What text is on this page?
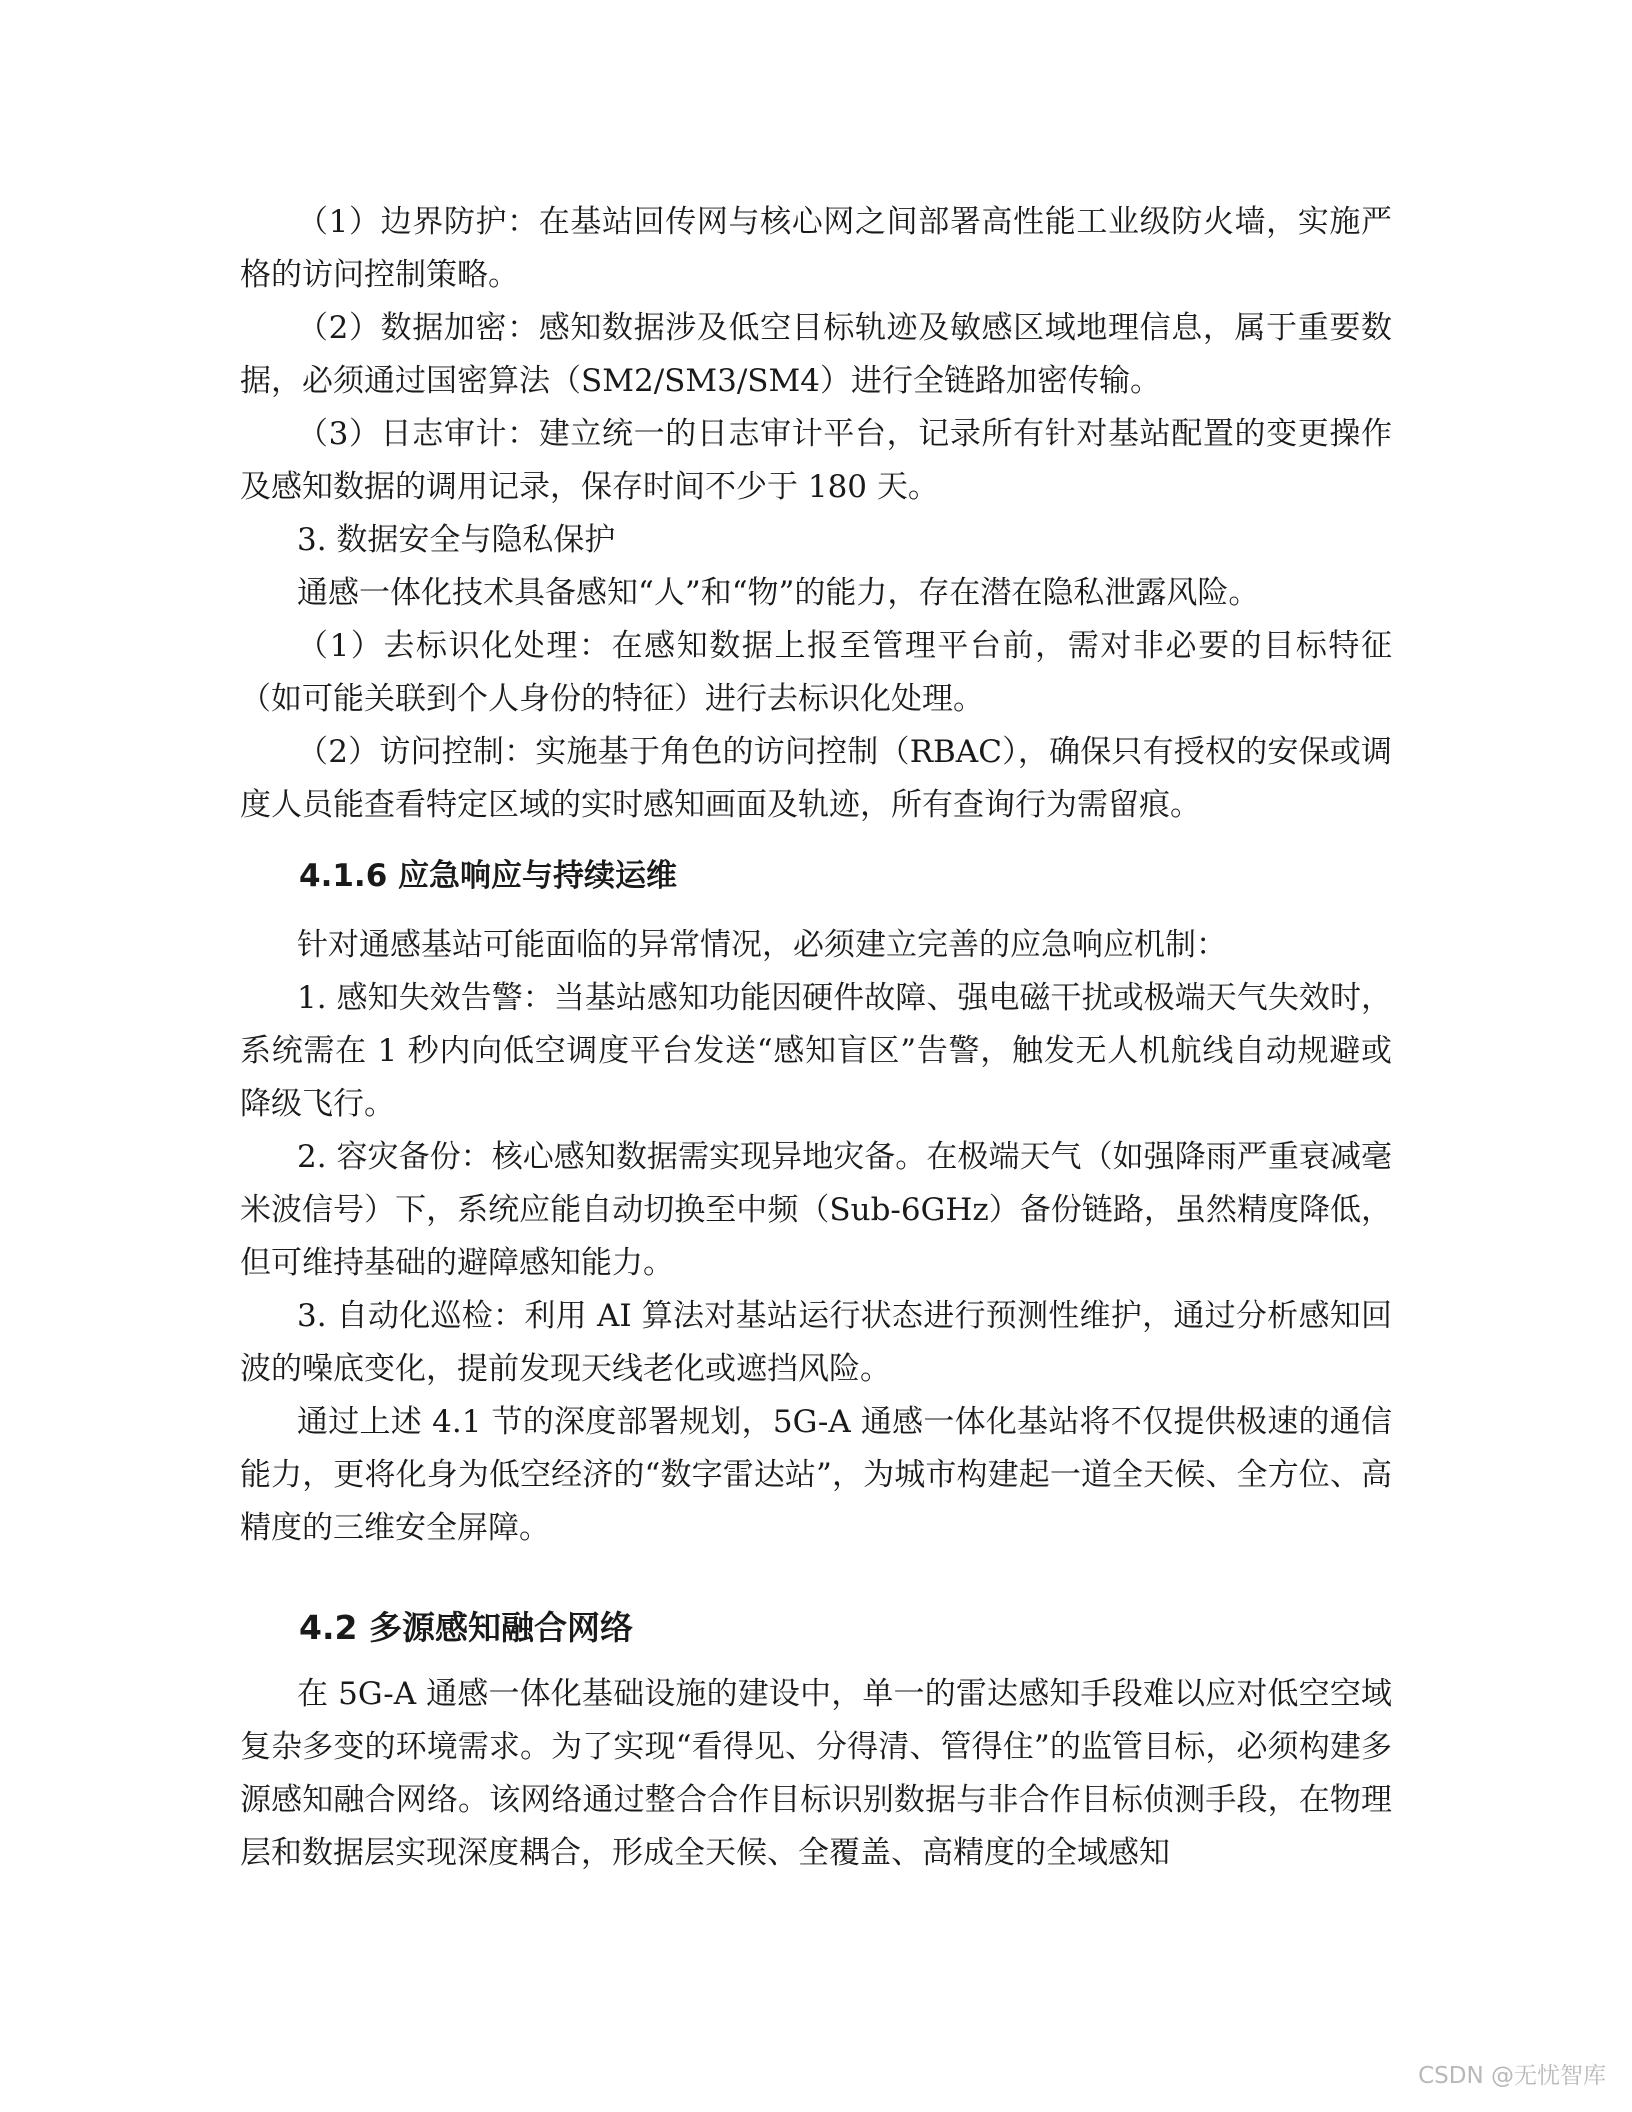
（1）边界防护：在基站回传网与核心网之间部署高性能工业级防火墙，实施严格的访问控制策略。

（2）数据加密：感知数据涉及低空目标轨迹及敏感区域地理信息，属于重要数据，必须通过国密算法（SM2/SM3/SM4）进行全链路加密传输。

（3）日志审计：建立统一的日志审计平台，记录所有针对基站配置的变更操作及感知数据的调用记录，保存时间不少于 180 天。

3. 数据安全与隐私保护

通感一体化技术具备感知“人”和“物”的能力，存在潜在隐私泄露风险。

（1）去标识化处理：在感知数据上报至管理平台前，需对非必要的目标特征（如可能关联到个人身份的特征）进行去标识化处理。

（2）访问控制：实施基于角色的访问控制（RBAC），确保只有授权的安保或调度人员能查看特定区域的实时感知画面及轨迹，所有查询行为需留痕。

4.1.6 应急响应与持续运维

针对通感基站可能面临的异常情况，必须建立完善的应急响应机制：

1. 感知失效告警：当基站感知功能因硬件故障、强电磁干扰或极端天气失效时，系统需在 1 秒内向低空调度平台发送“感知盲区”告警，触发无人机航线自动规避或降级飞行。

2. 容灾备份：核心感知数据需实现异地灾备。在极端天气（如强降雨严重衰减毫米波信号）下，系统应能自动切换至中频（Sub-6GHz）备份链路，虽然精度降低，但可维持基础的避障感知能力。

3. 自动化巡检：利用 AI 算法对基站运行状态进行预测性维护，通过分析感知回波的噪底变化，提前发现天线老化或遮挡风险。

通过上述 4.1 节的深度部署规划，5G-A 通感一体化基站将不仅提供极速的通信能力，更将化身为低空经济的“数字雷达站”，为城市构建起一道全天候、全方位、高精度的三维安全屏障。

4.2 多源感知融合网络

在 5G-A 通感一体化基础设施的建设中，单一的雷达感知手段难以应对低空空域复杂多变的环境需求。为了实现“看得见、分得清、管得住”的监管目标，必须构建多源感知融合网络。该网络通过整合合作目标识别数据与非合作目标侦测手段，在物理层和数据层实现深度耦合，形成全天候、全覆盖、高精度的全域感知

CSDN @无忧智库
